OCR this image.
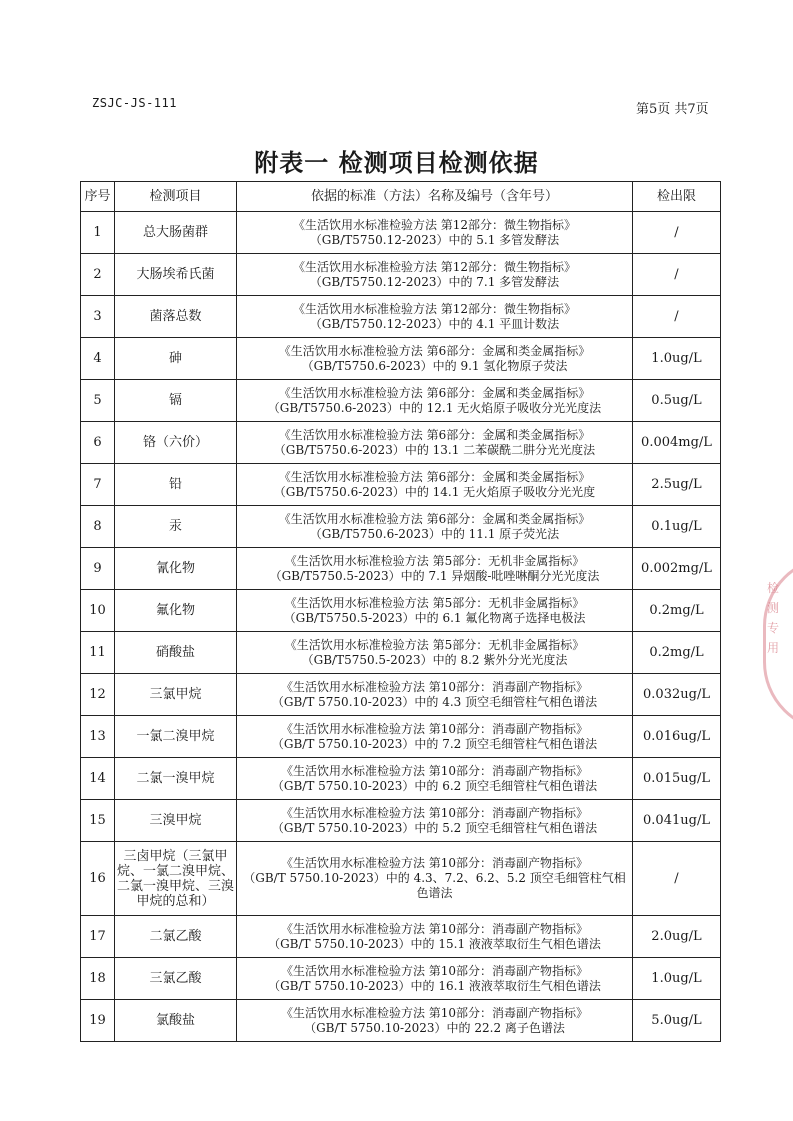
ZSJC-JS-111	第5页 共7页
附表一 检测项目检测依据
序号	检测项目	依据的标准（方法）名称及编号（含年号）	检出限
1	总大肠菌群	《生活饮用水标准检验方法 第12部分：微生物指标》
（GB/T5750.12-2023）中的 5.1 多管发酵法	/
2	大肠埃希氏菌	《生活饮用水标准检验方法 第12部分：微生物指标》
（GB/T5750.12-2023）中的 7.1 多管发酵法	/
3	菌落总数	《生活饮用水标准检验方法 第12部分：微生物指标》
（GB/T5750.12-2023）中的 4.1 平皿计数法	/
4	砷	《生活饮用水标准检验方法 第6部分：金属和类金属指标》
（GB/T5750.6-2023）中的 9.1 氢化物原子荧法	1.0ug/L
5	镉	《生活饮用水标准检验方法 第6部分：金属和类金属指标》
（GB/T5750.6-2023）中的 12.1 无火焰原子吸收分光光度法	0.5ug/L
6	铬（六价）	《生活饮用水标准检验方法 第6部分：金属和类金属指标》
（GB/T5750.6-2023）中的 13.1 二苯碳酰二肼分光光度法	0.004mg/L
7	铅	《生活饮用水标准检验方法 第6部分：金属和类金属指标》
（GB/T5750.6-2023）中的 14.1 无火焰原子吸收分光光度	2.5ug/L
8	汞	《生活饮用水标准检验方法 第6部分：金属和类金属指标》
（GB/T5750.6-2023）中的 11.1 原子荧光法	0.1ug/L
9	氰化物	《生活饮用水标准检验方法 第5部分：无机非金属指标》
（GB/T5750.5-2023）中的 7.1 异烟酸-吡唑啉酮分光光度法	0.002mg/L
10	氟化物	《生活饮用水标准检验方法 第5部分：无机非金属指标》
（GB/T5750.5-2023）中的 6.1 氟化物离子选择电极法	0.2mg/L
11	硝酸盐	《生活饮用水标准检验方法 第5部分：无机非金属指标》
（GB/T5750.5-2023）中的 8.2 紫外分光光度法	0.2mg/L
12	三氯甲烷	《生活饮用水标准检验方法 第10部分：消毒副产物指标》
（GB/T 5750.10-2023）中的 4.3 顶空毛细管柱气相色谱法	0.032ug/L
13	一氯二溴甲烷	《生活饮用水标准检验方法 第10部分：消毒副产物指标》
（GB/T 5750.10-2023）中的 7.2 顶空毛细管柱气相色谱法	0.016ug/L
14	二氯一溴甲烷	《生活饮用水标准检验方法 第10部分：消毒副产物指标》
（GB/T 5750.10-2023）中的 6.2 顶空毛细管柱气相色谱法	0.015ug/L
15	三溴甲烷	《生活饮用水标准检验方法 第10部分：消毒副产物指标》
（GB/T 5750.10-2023）中的 5.2 顶空毛细管柱气相色谱法	0.041ug/L
16	三卤甲烷（三氯甲烷、一氯二溴甲烷、二氯一溴甲烷、三溴甲烷的总和）	《生活饮用水标准检验方法 第10部分：消毒副产物指标》
（GB/T 5750.10-2023）中的 4.3、7.2、6.2、5.2 顶空毛细管柱气相色谱法	/
17	二氯乙酸	《生活饮用水标准检验方法 第10部分：消毒副产物指标》
（GB/T 5750.10-2023）中的 15.1 液液萃取衍生气相色谱法	2.0ug/L
18	三氯乙酸	《生活饮用水标准检验方法 第10部分：消毒副产物指标》
（GB/T 5750.10-2023）中的 16.1 液液萃取衍生气相色谱法	1.0ug/L
19	氯酸盐	《生活饮用水标准检验方法 第10部分：消毒副产物指标》
（GB/T 5750.10-2023）中的 22.2 离子色谱法	5.0ug/L
检测专用
